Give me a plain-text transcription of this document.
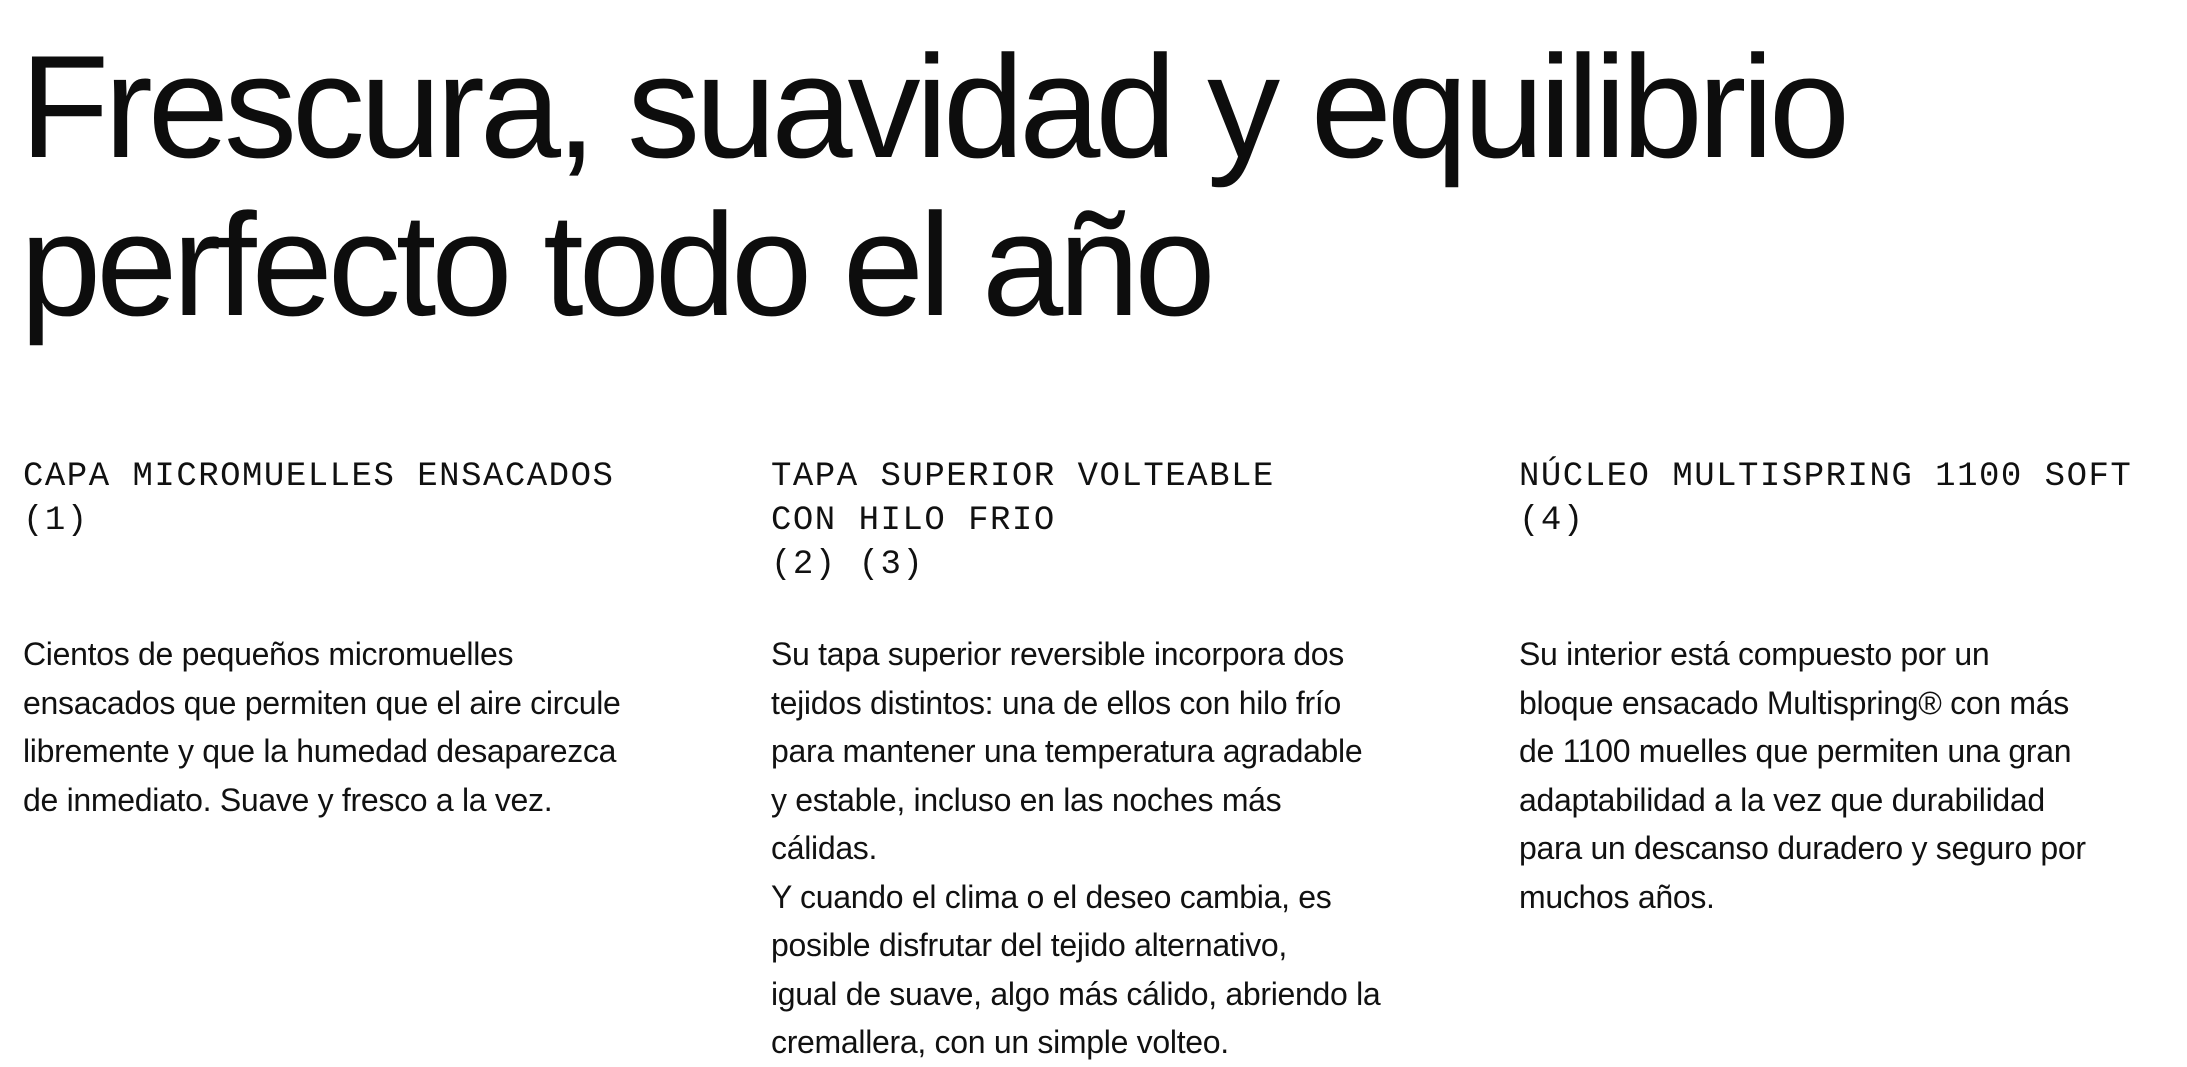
Frescura, suavidad y equilibrio
perfecto todo el año
CAPA MICROMUELLES ENSACADOS
(1)

Cientos de pequeños micromuelles
ensacados que permiten que el aire circule
libremente y que la humedad desaparezca
de inmediato. Suave y fresco a la vez.

TAPA SUPERIOR VOLTEABLE
CON HILO FRIO
(2) (3)

Su tapa superior reversible incorpora dos
tejidos distintos: una de ellos con hilo frío
para mantener una temperatura agradable
y estable, incluso en las noches más
cálidas.
Y cuando el clima o el deseo cambia, es
posible disfrutar del tejido alternativo,
igual de suave, algo más cálido, abriendo la
cremallera, con un simple volteo.

NÚCLEO MULTISPRING 1100 SOFT
(4)

Su interior está compuesto por un
bloque ensacado Multispring® con más
de 1100 muelles que permiten una gran
adaptabilidad a la vez que durabilidad
para un descanso duradero y seguro por
muchos años.
